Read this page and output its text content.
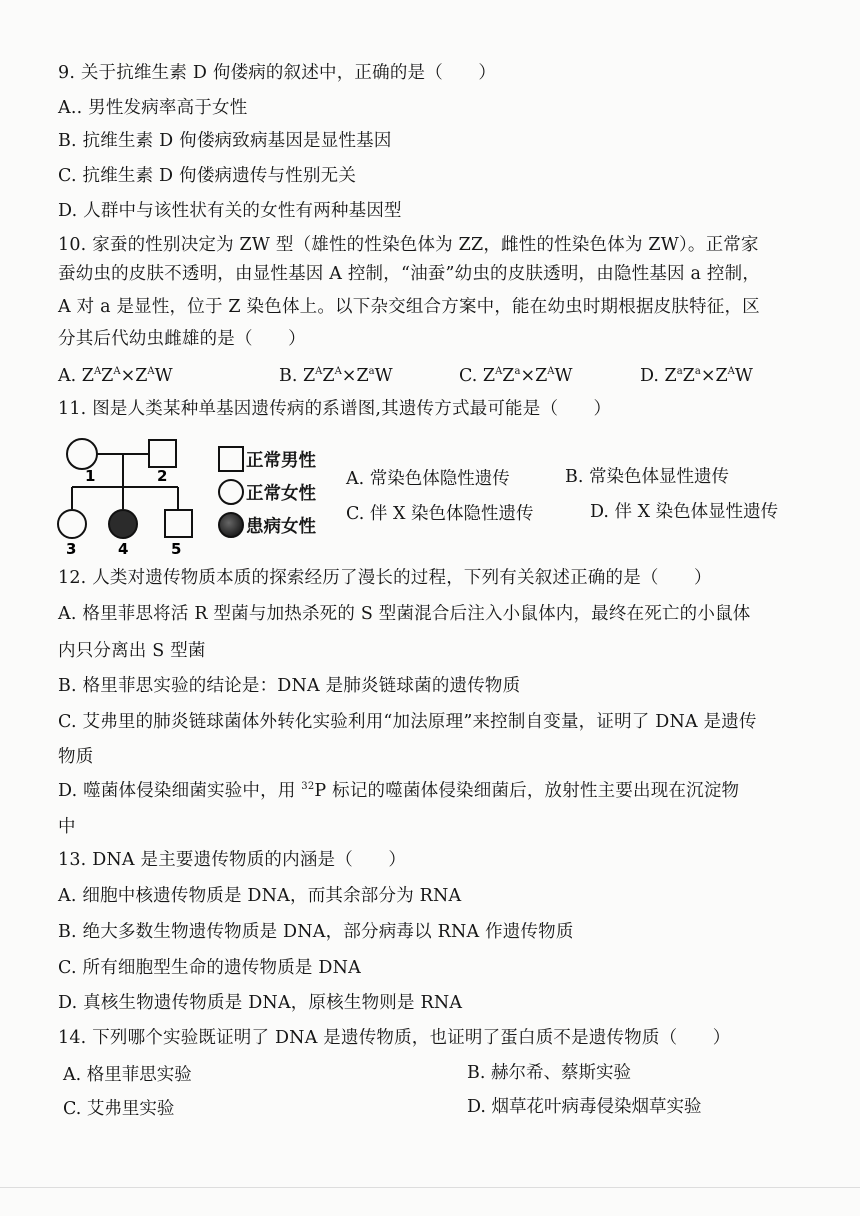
9. 关于抗维生素 D 佝偻病的叙述中，正确的是（　　）
A.. 男性发病率高于女性
B. 抗维生素 D 佝偻病致病基因是显性基因
C. 抗维生素 D 佝偻病遗传与性别无关
D. 人群中与该性状有关的女性有两种基因型
10. 家蚕的性别决定为 ZW 型（雄性的性染色体为 ZZ，雌性的性染色体为 ZW）。正常家
蚕幼虫的皮肤不透明，由显性基因 A 控制，“油蚕”幼虫的皮肤透明，由隐性基因 a 控制，
A 对 a 是显性，位于 Z 染色体上。以下杂交组合方案中，能在幼虫时期根据皮肤特征，区
分其后代幼虫雌雄的是（　　）
A. $Z^AZ^A\times Z^AW$	B. $Z^AZ^A\times Z^aW$	C. $Z^AZ^a\times Z^AW$	D. $Z^aZ^a\times Z^AW$
11. 图是人类某种单基因遗传病的系谱图,其遗传方式最可能是（　　）
1	2
3	4	5
正常男性
正常女性
患病女性
A. 常染色体隐性遗传	B. 常染色体显性遗传
C. 伴 X 染色体隐性遗传	D. 伴 X 染色体显性遗传
12. 人类对遗传物质本质的探索经历了漫长的过程，下列有关叙述正确的是（　　）
A. 格里菲思将活 R 型菌与加热杀死的 S 型菌混合后注入小鼠体内，最终在死亡的小鼠体
内只分离出 S 型菌
B. 格里菲思实验的结论是：DNA 是肺炎链球菌的遗传物质
C. 艾弗里的肺炎链球菌体外转化实验利用“加法原理”来控制自变量，证明了 DNA 是遗传
物质
D. 噬菌体侵染细菌实验中，用 $^{32}$P 标记的噬菌体侵染细菌后，放射性主要出现在沉淀物
中
13. DNA 是主要遗传物质的内涵是（　　）
A. 细胞中核遗传物质是 DNA，而其余部分为 RNA
B. 绝大多数生物遗传物质是 DNA，部分病毒以 RNA 作遗传物质
C. 所有细胞型生命的遗传物质是 DNA
D. 真核生物遗传物质是 DNA，原核生物则是 RNA
14. 下列哪个实验既证明了 DNA 是遗传物质，也证明了蛋白质不是遗传物质（　　）
A. 格里菲思实验	B. 赫尔希、蔡斯实验
C. 艾弗里实验	D. 烟草花叶病毒侵染烟草实验
